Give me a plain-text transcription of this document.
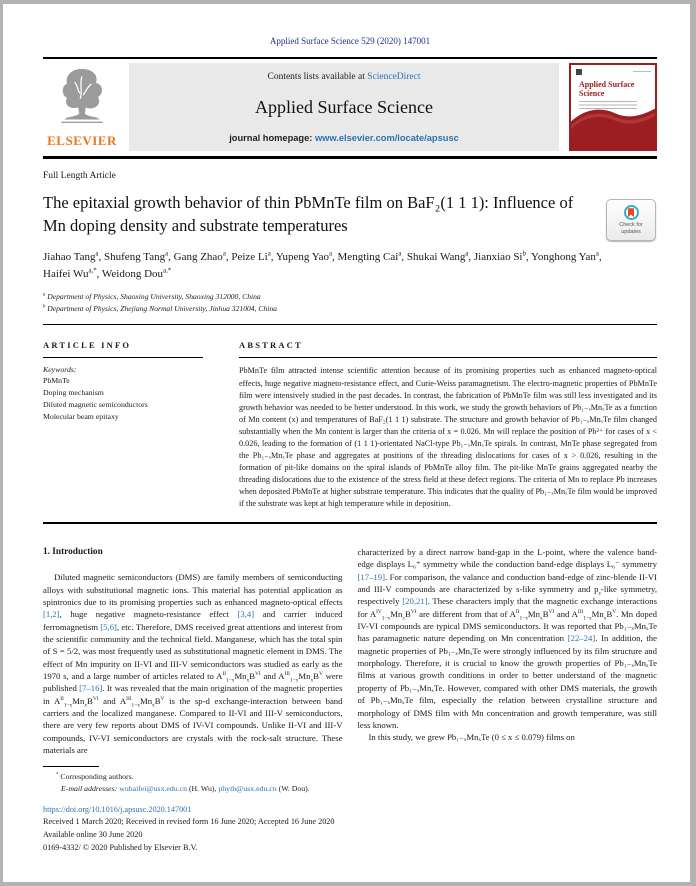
Applied Surface Science 529 (2020) 147001
ELSEVIER
Contents lists available at ScienceDirect
Applied Surface Science
journal homepage: www.elsevier.com/locate/apsusc
Applied Surface Science
Full Length Article
The epitaxial growth behavior of thin PbMnTe film on BaF₂(1 1 1): Influence of Mn doping density and substrate temperatures	Check for updates
Jiahao Tang$^a$, Shufeng Tang$^a$, Gang Zhao$^a$, Peize Li$^a$, Yupeng Yao$^a$, Mengting Cai$^a$, Shukai Wang$^a$, Jianxiao Si$^b$, Yonghong Yan$^a$, Haifei $Wu^{a,*}$, Weidong Dou$^{a,*}$
$^a$ Department of Physics, Shaoxing University, Shaoxing 312000, China
$^b$ Department of Physics, Zhejiang Normal University, Jinhua 321004, China
ARTICLE INFO
Keywords:
PbMnTe
Doping mechanism
Diluted magnetic semiconductors
Molecular beam epitaxy
ABSTRACT
PbMnTe film attracted intense scientific attention because of its promising properties such as enhanced magneto-optical effects, huge negative magneto-resistance effect, and Curie-Weiss paramagnetism. The electro-magnetic properties of PbMnTe film were intensively studied in the past decades. In contrast, the fabrication of PbMnTe film was still less investigated and its growth behavior was needed to be better understood. In this work, we study the growth behaviors of Pb₁₋ₓMnₓTe as a function of Mn content (x) and temperatures of BaF₂(1 1 1) substrate. The structure and growth behavior of Pb₁₋ₓMnₓTe film changed substantially when the Mn content is larger than the criteria of x = 0.026. Mn will replace the position of Pb²⁺ for cases of x < 0.026, leading to the formation of (1 1 1)-orientated NaCl-type Pb₁₋ₓMnₓTe spirals. In contrast, MnTe phase segregated from the Pb₁₋ₓMnₓTe phase and aggregates at positions of the threading dislocations for cases of x > 0.026, resulting in the formation of pit-like domains on the spiral islands of PbMnTe alloy film. The pit-like MnTe grains aggregated nearby the threading dislocations due to the existence of the stress field at these defect regions. The criteria of Mn to replace Pb increases when deposited PbMnTe at higher substrate temperature. This indicates that the quality of Pb₁₋ₓMnₓTe film would be improved if the substrate was kept at high temperature while in deposition.
1. Introduction

Diluted magnetic semiconductors (DMS) are family members of semiconducting alloys with substitutional magnetic ions. This material has potential application as spintronics due to its promising properties such as enhanced magneto-optical effects [1,2], huge negative magneto-resistance effect [3,4] and carrier induced ferromagnetism [5,6], etc. Therefore, DMS received great attentions and interest from the scientific community and the technical field. Manganese, which has the total spin of S = 5/2, was most frequently used as substitutional magnetic element in DMS. The effect of Mn impurity on II-VI and III-V semiconductors was studied as early as the 1970 s, and a large number of articles related to $A^{II}_{1-x}Mn_xB^{VI}$ and $A^{III}_{1-x}Mn_xB^V$ were published [7–16]. It was revealed that the main origination of the magnetic properties in $A^{II}_{1-x}Mn_xB^{VI}$ and $A^{III}_{1-x}Mn_xB^V$ is the sp-d exchange-interaction between band carriers and the localized manganese. Compared to II-VI and III-V semiconductors, there are very few reports about DMS of IV-VI compounds. Unlike II-VI and III-V compounds, IV-VI semiconductors are crystals with the rock-salt structure. These materials are

characterized by a direct narrow band-gap in the L-point, where the valence band-edge displays L₆⁺ symmetry while the conduction band-edge displays L₆⁻ symmetry [17–19]. For comparison, the valance and conduction band-edge of zinc-blende II-VI and III-V compounds are characterized by s-like symmetry and $p_z$-like symmetry, respectively [20,21]. These characters imply that the magnetic exchange interactions for $A^{IV}_{1-x}Mn_xB^{VI}$ are different from that of $A^{II}_{1-x}Mn_xB^{VI}$ and $A^{III}_{1-x}Mn_xB^V$. Mn doped IV-VI compounds are typical DMS semiconductors. It was reported that Pb₁₋ₓMnₓTe has paramagnetic nature depending on Mn concentration [22–24]. In addition, the magnetic properties of Pb₁₋ₓMnₓTe were strongly influenced by its film structure and morphology. Therefore, it is crucial to know the growth properties of Pb₁₋ₓMnₓTe films at various growth conditions in order to better understand of the magnetic property of Pb₁₋ₓMnₓTe. However, compared with other DMS materials, the growth of Pb₁₋ₓMnₓTe film, especially the relation between crystalline structure and morphology of DMS film with Mn concentration and growth temperature, was still less known.

In this study, we grew Pb₁₋ₓMnₓTe (0 ≤ x ≤ 0.079) films on

* Corresponding authors.
E-mail addresses: wuhaifei@usx.edu.cn (H. Wu), phyth@usx.edu.cn (W. Dou).
https://doi.org/10.1016/j.apsusc.2020.147001
Received 1 March 2020; Received in revised form 16 June 2020; Accepted 16 June 2020
Available online 30 June 2020
0169-4332/ © 2020 Published by Elsevier B.V.
